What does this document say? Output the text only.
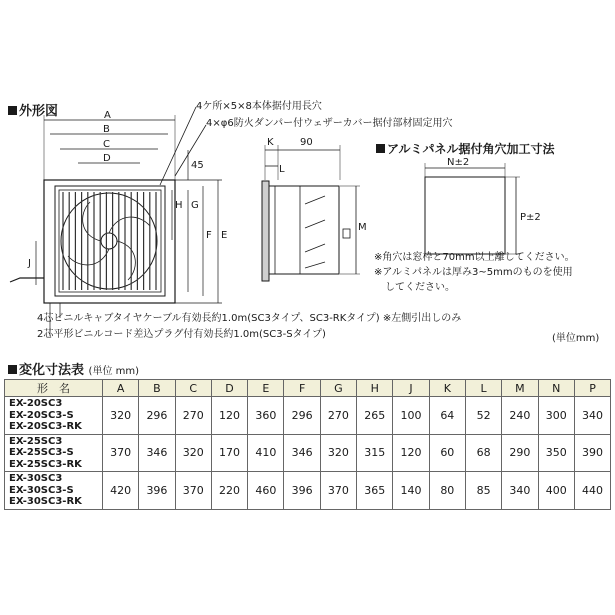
外形図	4ケ所×5×8本体据付用長穴
4×φ6防火ダンパー付ウェザーカバー据付部材固定用穴
A
B
C
D
E
F
G
H
45
J
K	90
L
M
N±2
P±2
4芯ビニルキャブタイヤケーブル有効長約1.0m(SC3タイプ、SC3-RKタイプ) ※左側引出しのみ
2芯平形ビニルコード差込プラグ付有効長約1.0m(SC3-Sタイプ)
アルミパネル据付角穴加工寸法
※角穴は窓枠と70mm以上離してください。
※アルミパネルは厚み3~5mmのものを使用
してください。
(単位mm)
変化寸法表 (単位 mm)
形　名	A	B	C	D	E	F	G	H	J	K	L	M	N	P

EX-20SC3
EX-20SC3-S
EX-20SC3-RK	320	296	270	120	360	296	270	265	100	64	52	240	300	340

EX-25SC3
EX-25SC3-S
EX-25SC3-RK	370	346	320	170	410	346	320	315	120	60	68	290	350	390

EX-30SC3
EX-30SC3-S
EX-30SC3-RK	420	396	370	220	460	396	370	365	140	80	85	340	400	440
